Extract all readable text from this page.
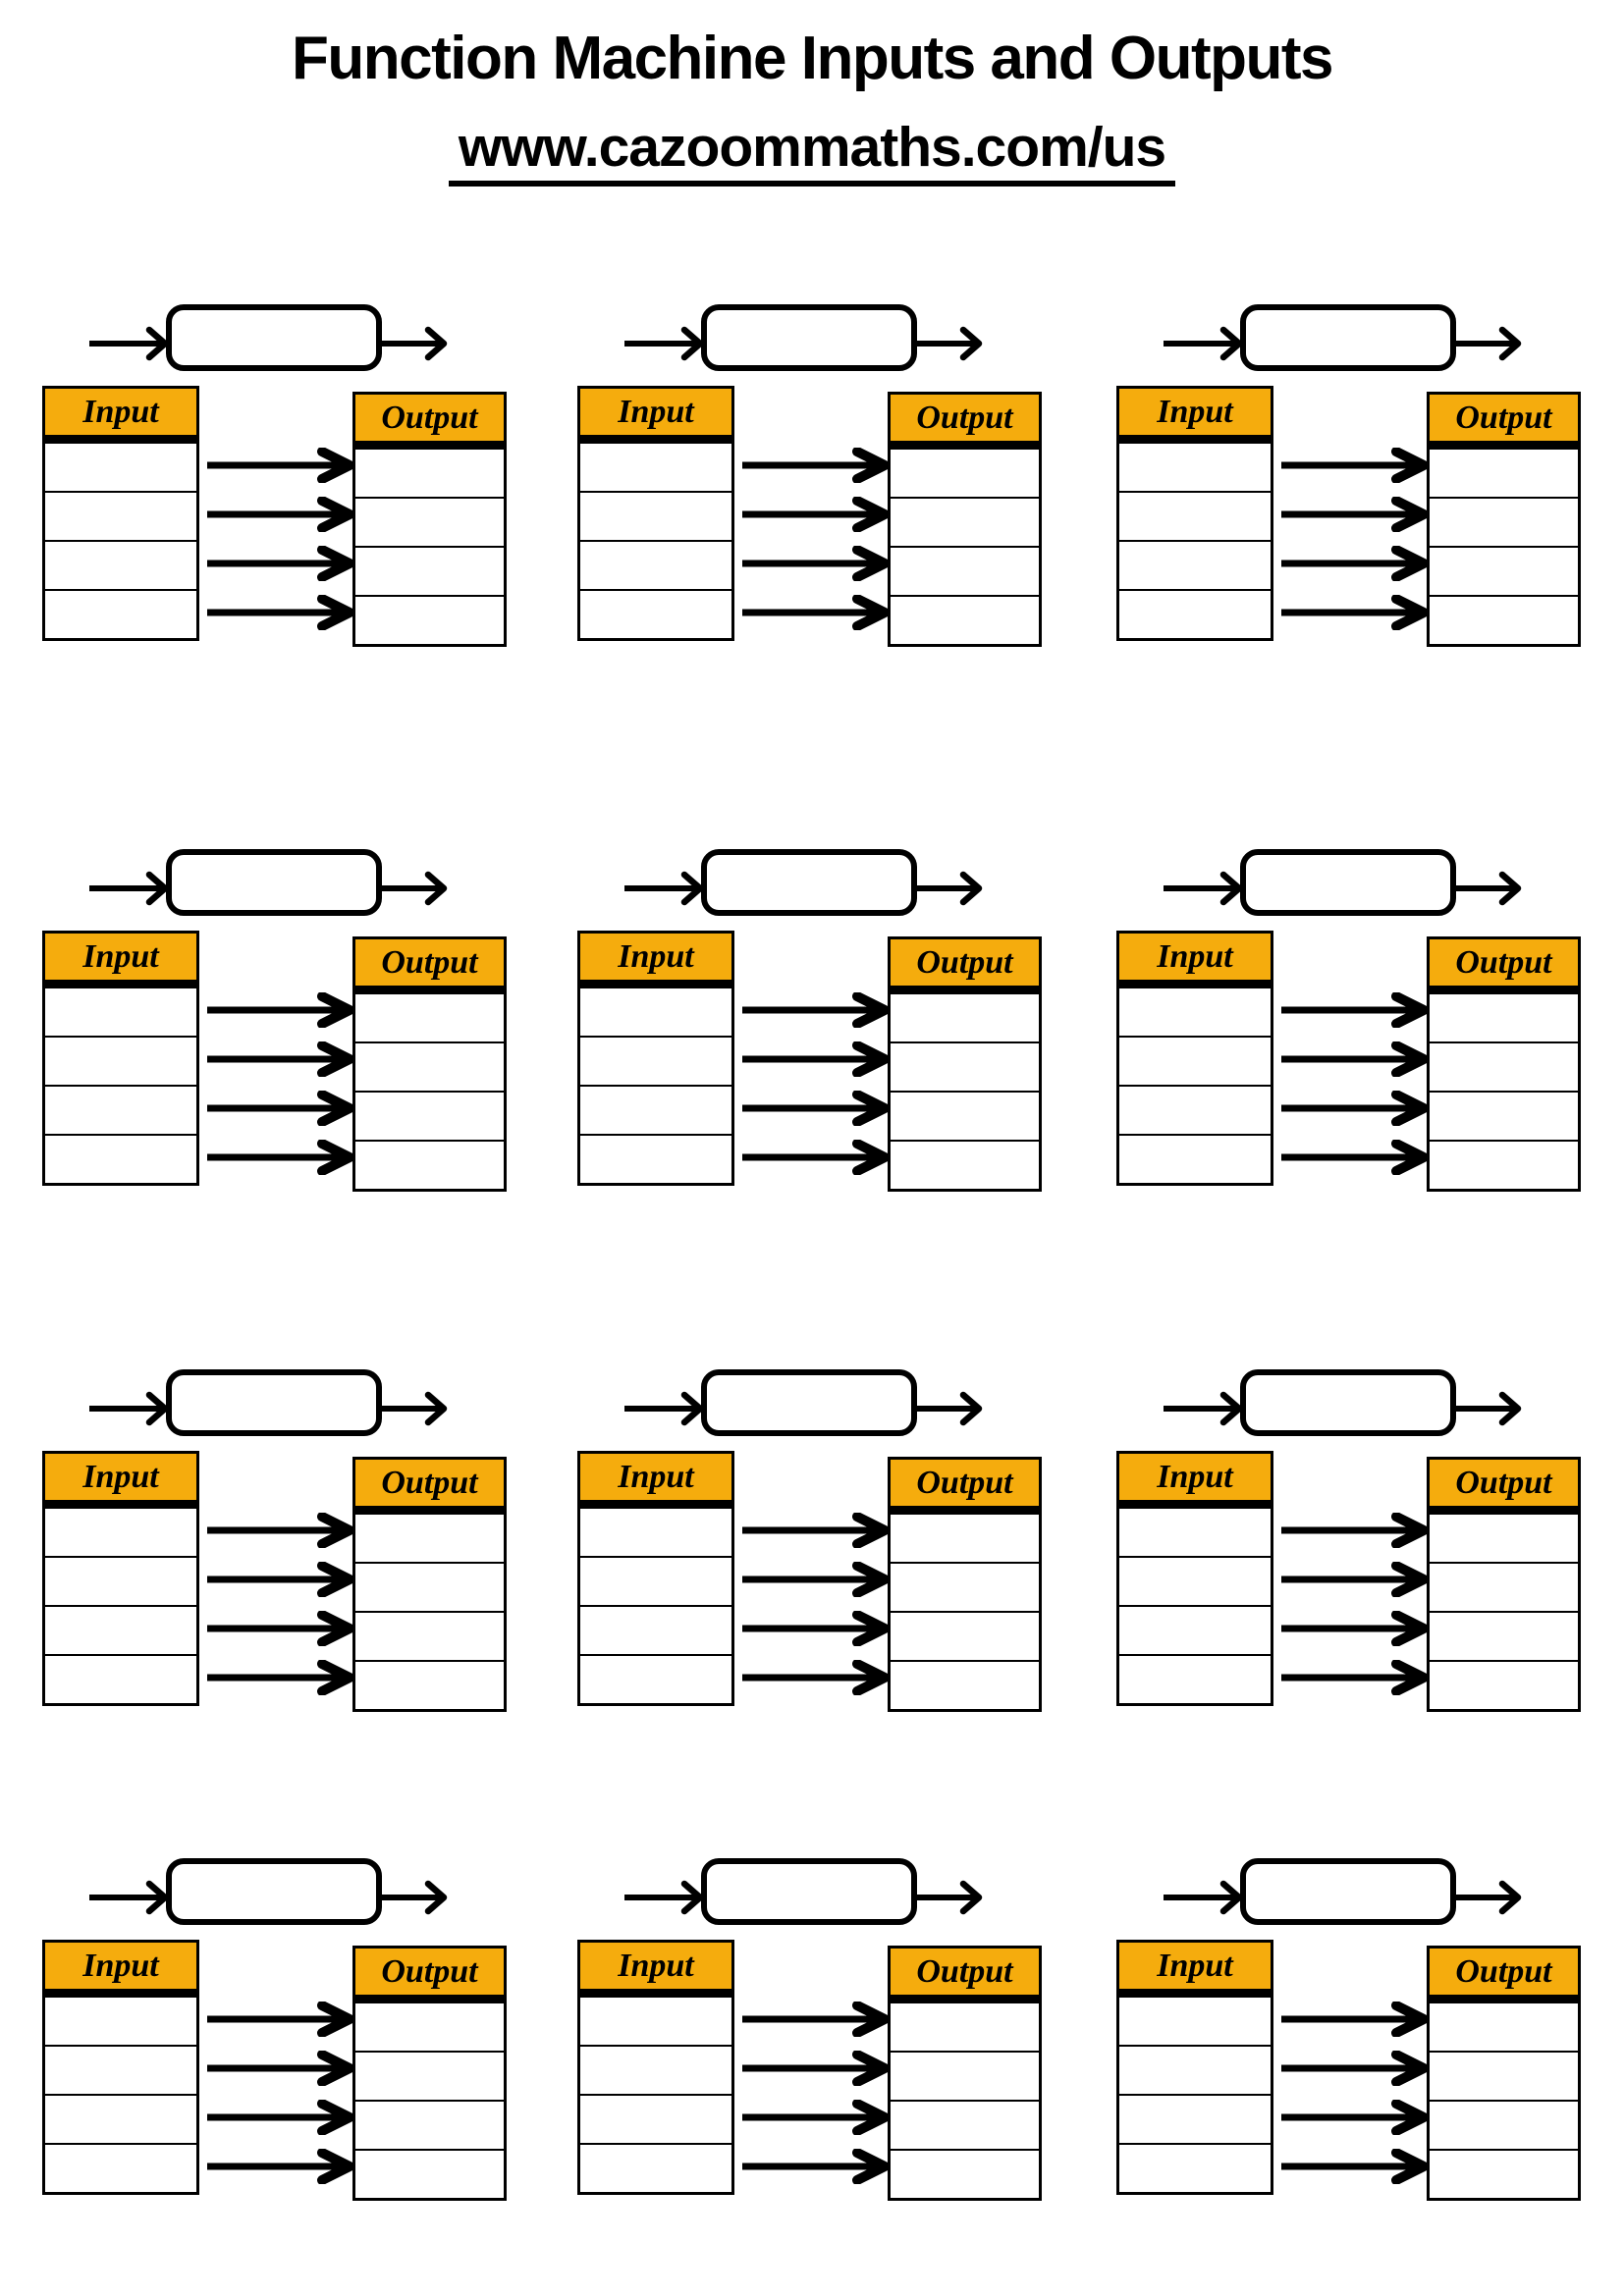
Function Machine Inputs and Outputs

www.cazoommaths.com/us
Input	Output	Input	Output	Input	Output
Input	Output	Input	Output	Input	Output
Input	Output	Input	Output	Input	Output
Input	Output	Input	Output	Input	Output
